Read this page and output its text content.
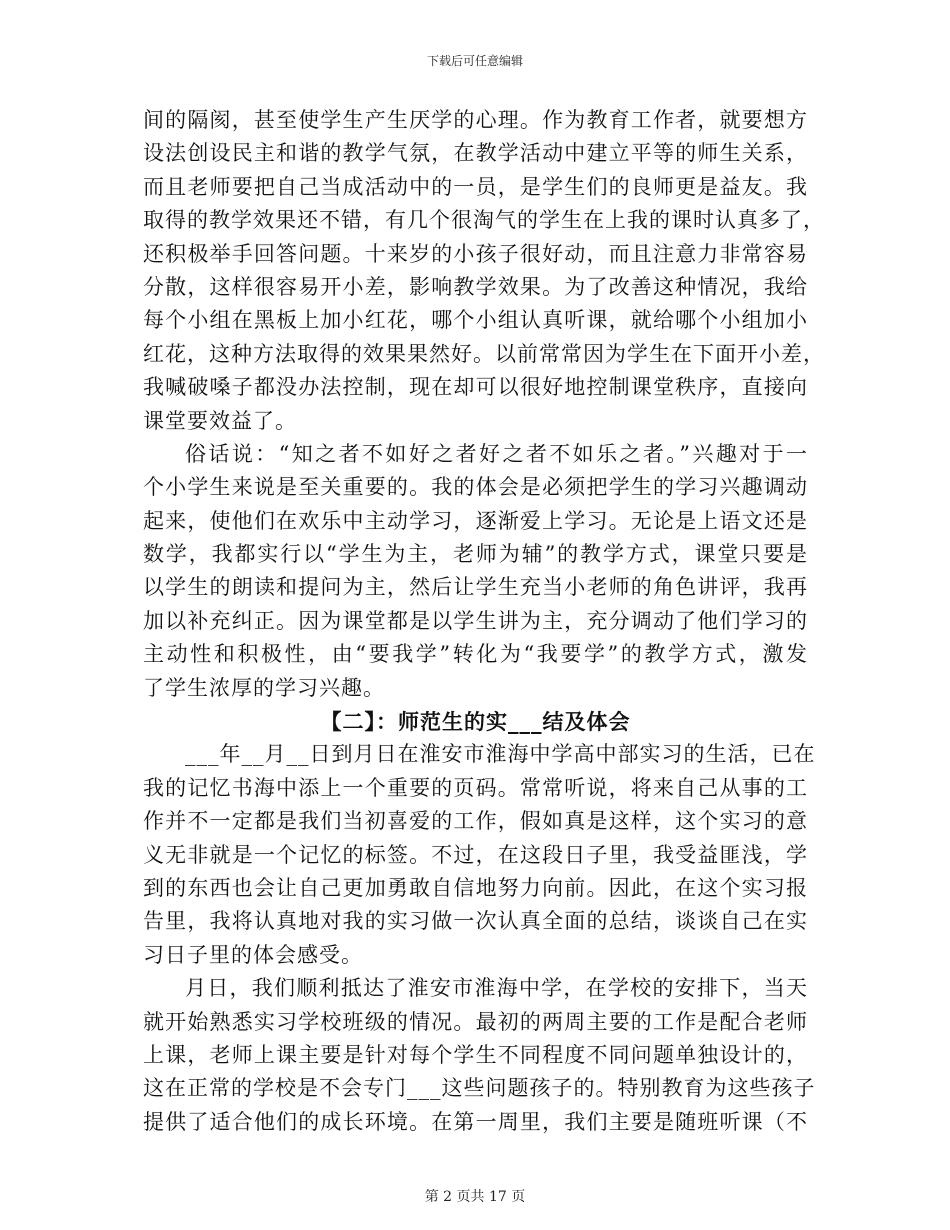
下载后可任意编辑
间的隔阂，甚至使学生产生厌学的心理。作为教育工作者，就要想方
设法创设民主和谐的教学气氛，在教学活动中建立平等的师生关系，
而且老师要把自己当成活动中的一员，是学生们的良师更是益友。我
取得的教学效果还不错，有几个很淘气的学生在上我的课时认真多了，
还积极举手回答问题。十来岁的小孩子很好动，而且注意力非常容易
分散，这样很容易开小差，影响教学效果。为了改善这种情况，我给
每个小组在黑板上加小红花，哪个小组认真听课，就给哪个小组加小
红花，这种方法取得的效果果然好。以前常常因为学生在下面开小差，
我喊破嗓子都没办法控制，现在却可以很好地控制课堂秩序，直接向
课堂要效益了。
俗话说：“知之者不如好之者好之者不如乐之者。”兴趣对于一
个小学生来说是至关重要的。我的体会是必须把学生的学习兴趣调动
起来，使他们在欢乐中主动学习，逐渐爱上学习。无论是上语文还是
数学，我都实行以“学生为主，老师为辅”的教学方式，课堂只要是
以学生的朗读和提问为主，然后让学生充当小老师的角色讲评，我再
加以补充纠正。因为课堂都是以学生讲为主，充分调动了他们学习的
主动性和积极性，由“要我学”转化为“我要学”的教学方式，激发
了学生浓厚的学习兴趣。
【二】：师范生的实___结及体会
___年__月__日到月日在淮安市淮海中学高中部实习的生活，已在
我的记忆书海中添上一个重要的页码。常常听说，将来自己从事的工
作并不一定都是我们当初喜爱的工作，假如真是这样，这个实习的意
义无非就是一个记忆的标签。不过，在这段日子里，我受益匪浅，学
到的东西也会让自己更加勇敢自信地努力向前。因此，在这个实习报
告里，我将认真地对我的实习做一次认真全面的总结，谈谈自己在实
习日子里的体会感受。
月日，我们顺利抵达了淮安市淮海中学，在学校的安排下，当天
就开始熟悉实习学校班级的情况。最初的两周主要的工作是配合老师
上课，老师上课主要是针对每个学生不同程度不同问题单独设计的，
这在正常的学校是不会专门___这些问题孩子的。特别教育为这些孩子
提供了适合他们的成长环境。在第一周里，我们主要是随班听课（不
第 2 页共 17 页
